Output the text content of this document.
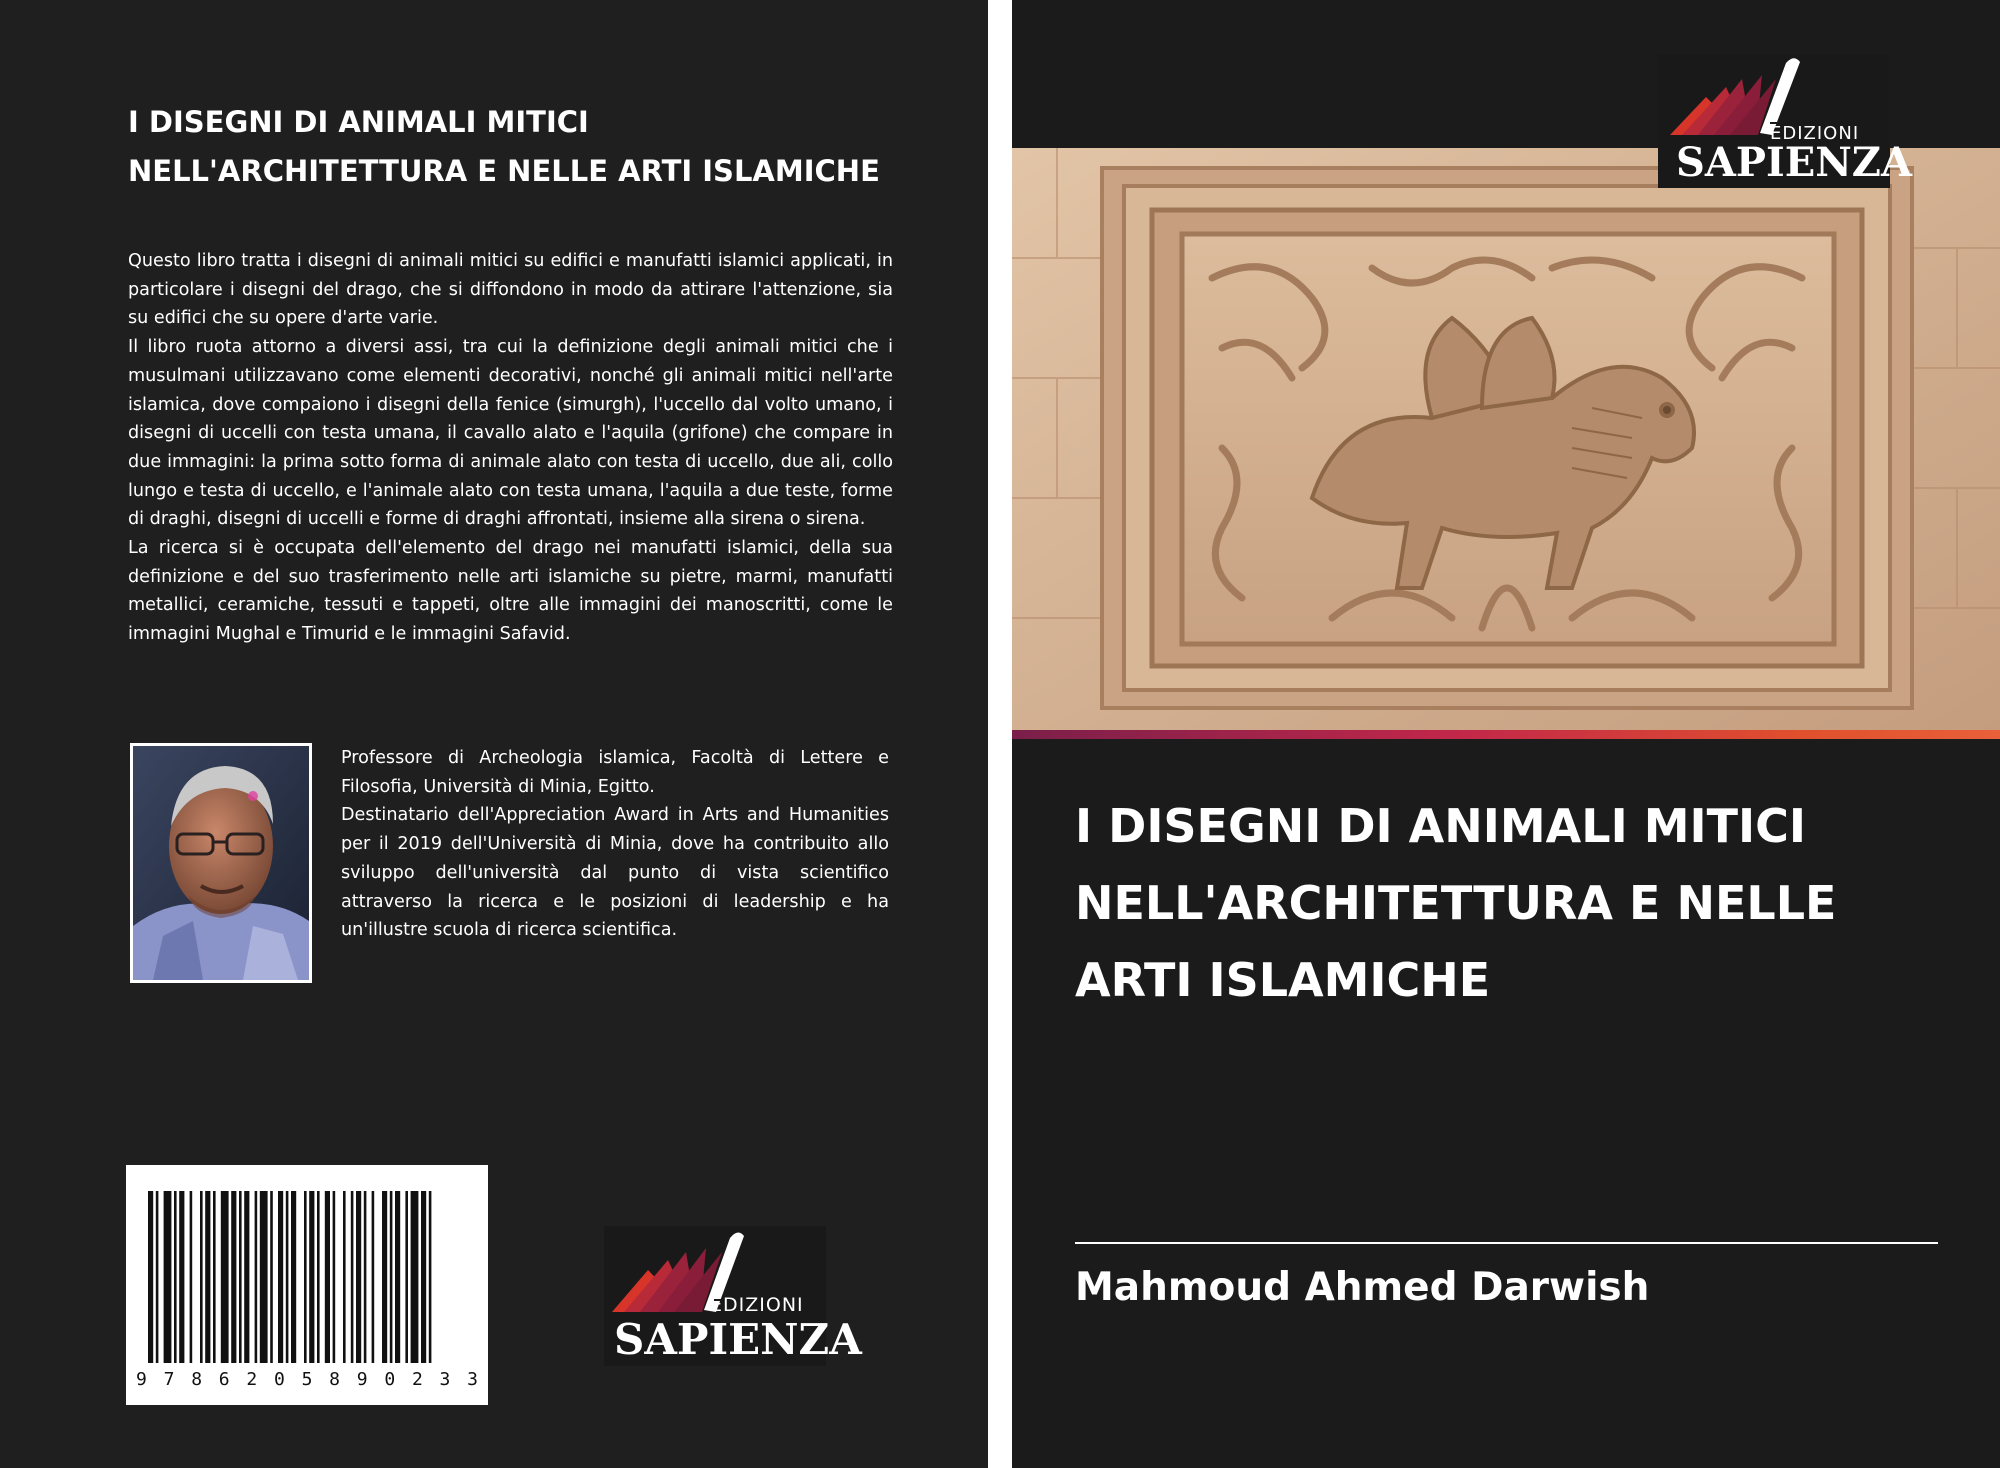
I DISEGNI DI ANIMALI MITICI NELL'ARCHITETTURA E NELLE ARTI ISLAMICHE

Questo libro tratta i disegni di animali mitici su edifici e manufatti islamici applicati, in particolare i disegni del drago, che si diffondono in modo da attirare l'attenzione, sia su edifici che su opere d'arte varie.

Il libro ruota attorno a diversi assi, tra cui la definizione degli animali mitici che i musulmani utilizzavano come elementi decorativi, nonché gli animali mitici nell'arte islamica, dove compaiono i disegni della fenice (simurgh), l'uccello dal volto umano, i disegni di uccelli con testa umana, il cavallo alato e l'aquila (grifone) che compare in due immagini: la prima sotto forma di animale alato con testa di uccello, due ali, collo lungo e testa di uccello, e l'animale alato con testa umana, l'aquila a due teste, forme di draghi, disegni di uccelli e forme di draghi affrontati, insieme alla sirena o sirena.

La ricerca si è occupata dell'elemento del drago nei manufatti islamici, della sua definizione e del suo trasferimento nelle arti islamiche su pietre, marmi, manufatti metallici, ceramiche, tessuti e tappeti, oltre alle immagini dei manoscritti, come le immagini Mughal e Timurid e le immagini Safavid.

Professore di Archeologia islamica, Facoltà di Lettere e Filosofia, Università di Minia, Egitto.

Destinatario dell'Appreciation Award in Arts and Humanities per il 2019 dell'Università di Minia, dove ha contribuito allo sviluppo dell'università dal punto di vista scientifico attraverso la ricerca e le posizioni di leadership e ha un'illustre scuola di ricerca scientifica.

9 7 8 6 2 0 5 8 9 0 2 3 3
EDIZIONI
SAPIENZA
EDIZIONI
SAPIENZA
I DISEGNI DI ANIMALI MITICI NELL'ARCHITETTURA E NELLE ARTI ISLAMICHE
Mahmoud Ahmed Darwish
